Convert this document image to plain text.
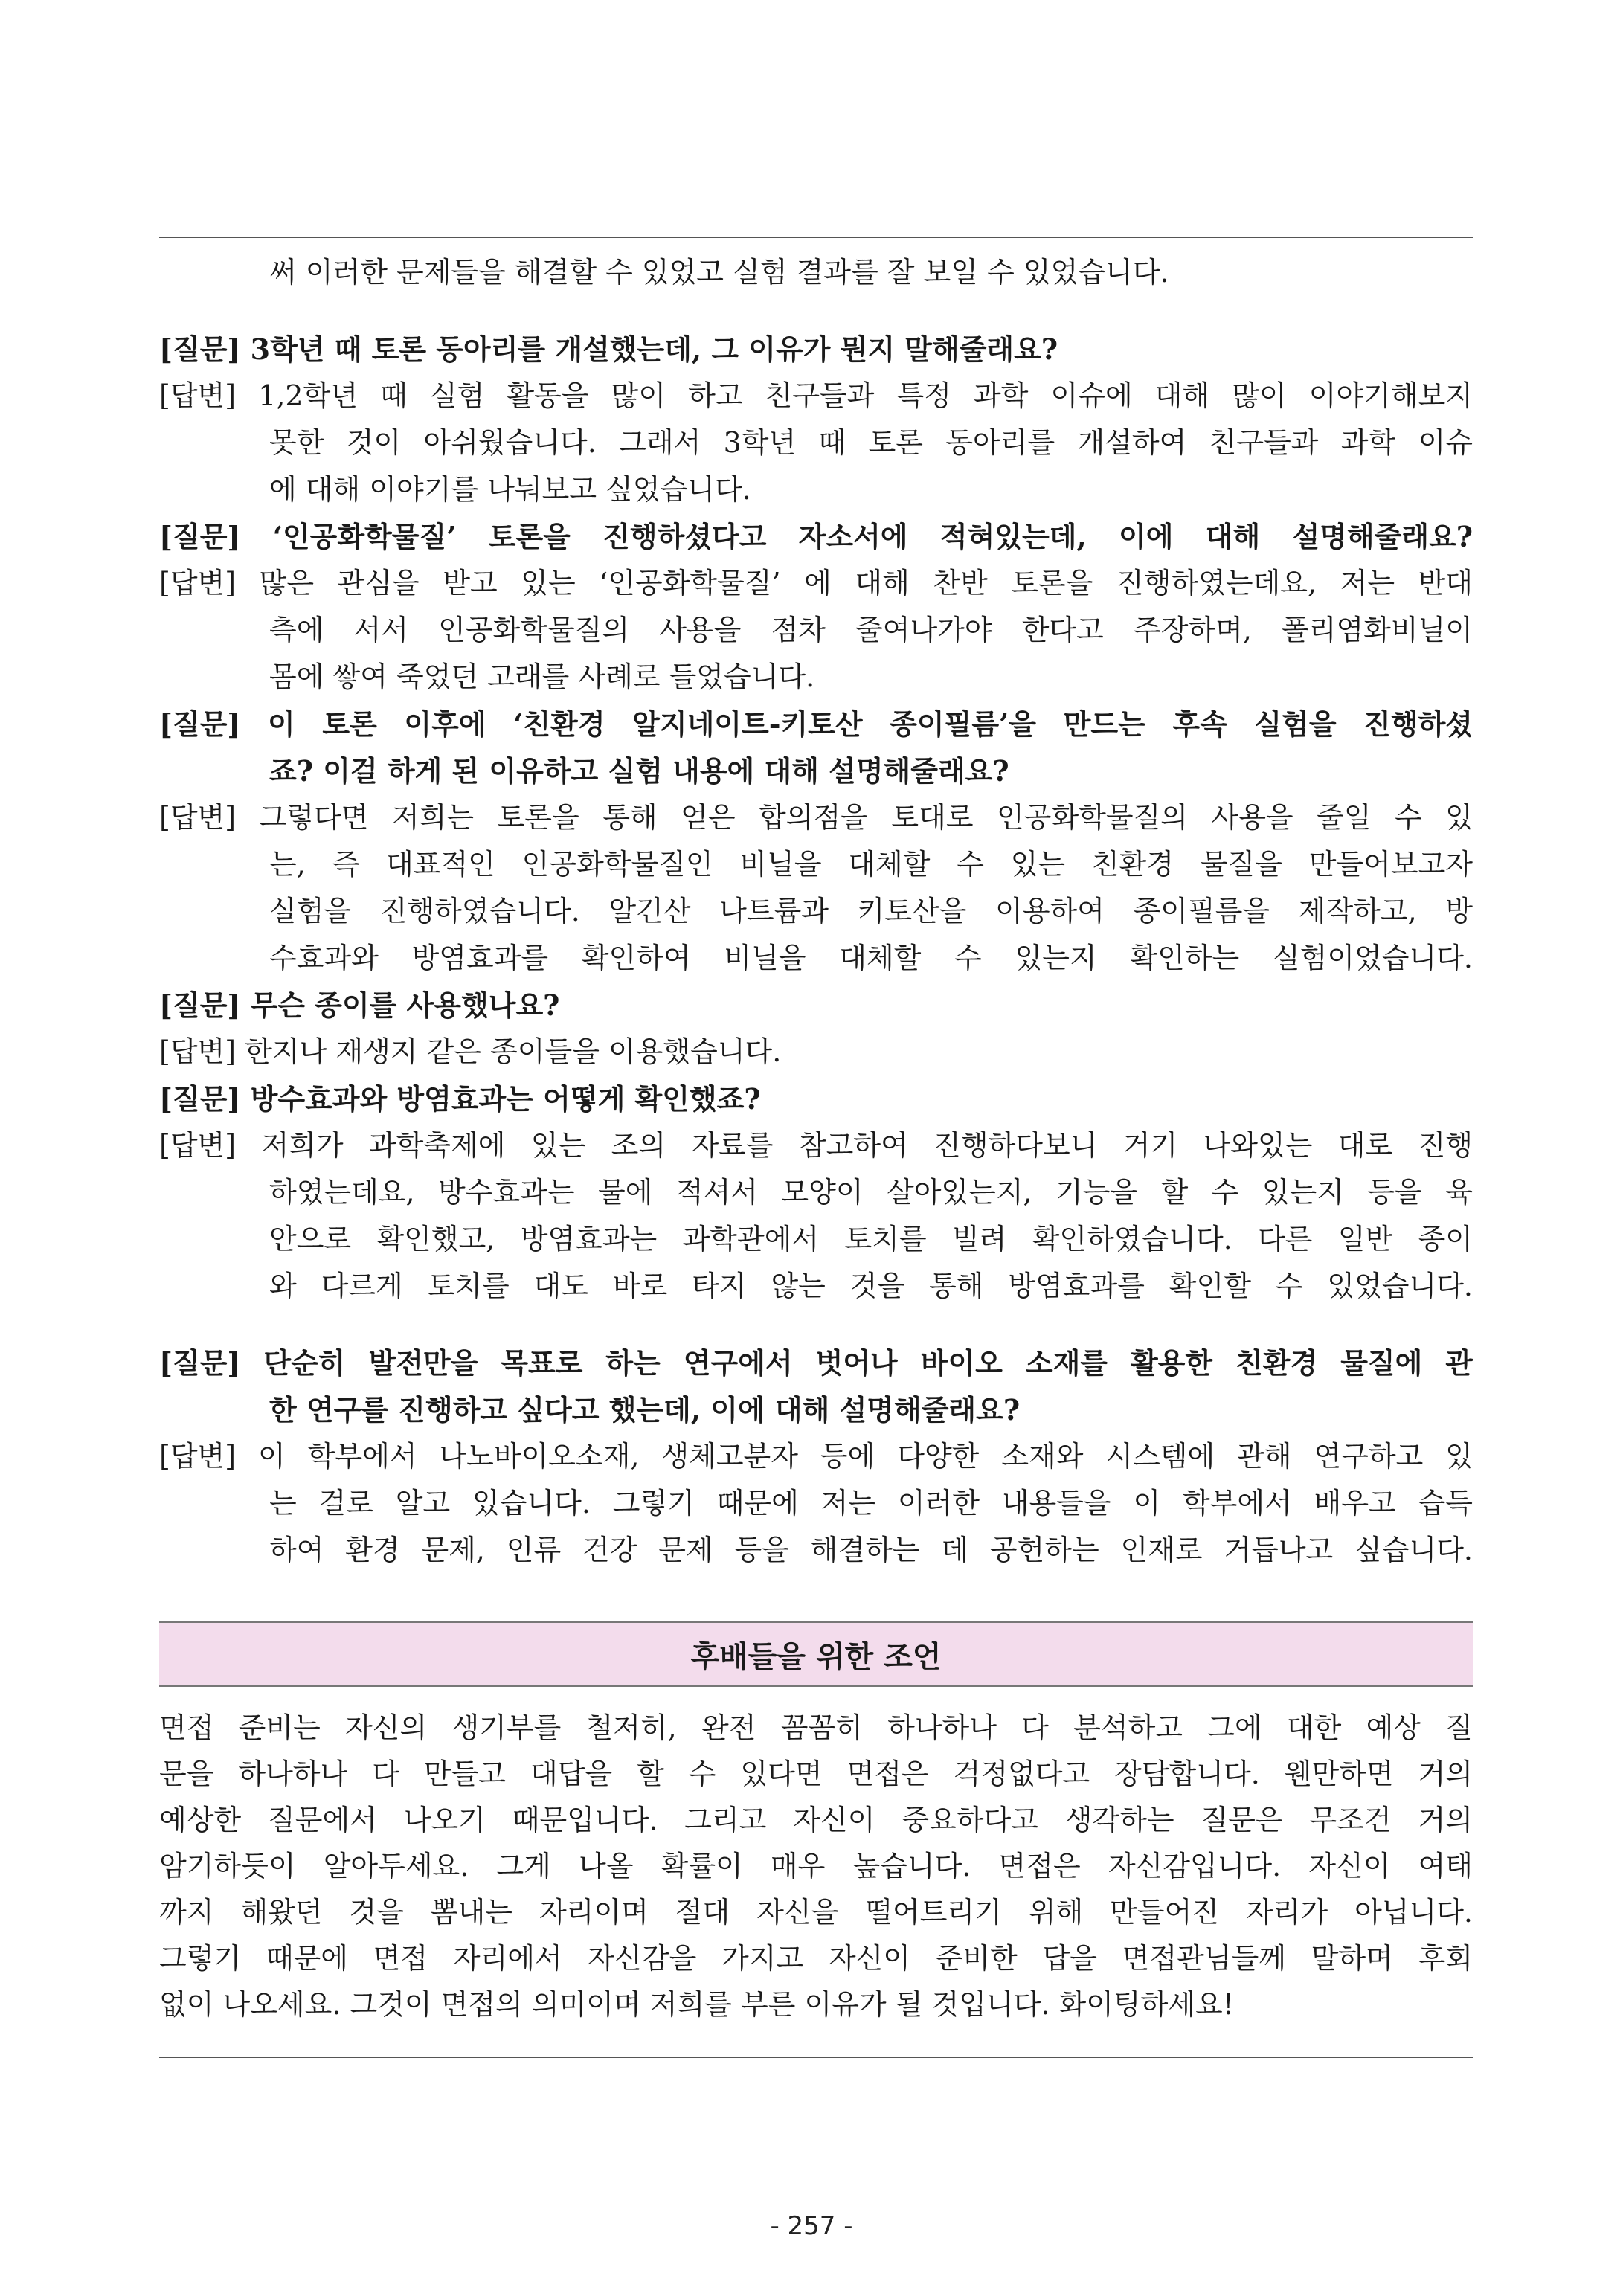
써 이러한 문제들을 해결할 수 있었고 실험 결과를 잘 보일 수 있었습니다.
[질문] 3학년 때 토론 동아리를 개설했는데, 그 이유가 뭔지 말해줄래요?
[답변] 1,2학년 때 실험 활동을 많이 하고 친구들과 특정 과학 이슈에 대해 많이 이야기해보지
못한 것이 아쉬웠습니다. 그래서 3학년 때 토론 동아리를 개설하여 친구들과 과학 이슈
에 대해 이야기를 나눠보고 싶었습니다.
[질문] ‘인공화학물질’ 토론을 진행하셨다고 자소서에 적혀있는데, 이에 대해 설명해줄래요?
[답변] 많은 관심을 받고 있는 ‘인공화학물질’ 에 대해 찬반 토론을 진행하였는데요, 저는 반대
측에 서서 인공화학물질의 사용을 점차 줄여나가야 한다고 주장하며, 폴리염화비닐이
몸에 쌓여 죽었던 고래를 사례로 들었습니다.
[질문] 이 토론 이후에 ‘친환경 알지네이트-키토산 종이필름’을 만드는 후속 실험을 진행하셨
죠? 이걸 하게 된 이유하고 실험 내용에 대해 설명해줄래요?
[답변] 그렇다면 저희는 토론을 통해 얻은 합의점을 토대로 인공화학물질의 사용을 줄일 수 있
는, 즉 대표적인 인공화학물질인 비닐을 대체할 수 있는 친환경 물질을 만들어보고자
실험을 진행하였습니다. 알긴산 나트륨과 키토산을 이용하여 종이필름을 제작하고, 방
수효과와 방염효과를 확인하여 비닐을 대체할 수 있는지 확인하는 실험이었습니다.
[질문] 무슨 종이를 사용했나요?
[답변] 한지나 재생지 같은 종이들을 이용했습니다.
[질문] 방수효과와 방염효과는 어떻게 확인했죠?
[답변] 저희가 과학축제에 있는 조의 자료를 참고하여 진행하다보니 거기 나와있는 대로 진행
하였는데요, 방수효과는 물에 적셔서 모양이 살아있는지, 기능을 할 수 있는지 등을 육
안으로 확인했고, 방염효과는 과학관에서 토치를 빌려 확인하였습니다. 다른 일반 종이
와 다르게 토치를 대도 바로 타지 않는 것을 통해 방염효과를 확인할 수 있었습니다.
[질문] 단순히 발전만을 목표로 하는 연구에서 벗어나 바이오 소재를 활용한 친환경 물질에 관
한 연구를 진행하고 싶다고 했는데, 이에 대해 설명해줄래요?
[답변] 이 학부에서 나노바이오소재, 생체고분자 등에 다양한 소재와 시스템에 관해 연구하고 있
는 걸로 알고 있습니다. 그렇기 때문에 저는 이러한 내용들을 이 학부에서 배우고 습득
하여 환경 문제, 인류 건강 문제 등을 해결하는 데 공헌하는 인재로 거듭나고 싶습니다.
후배들을 위한 조언
면접 준비는 자신의 생기부를 철저히, 완전 꼼꼼히 하나하나 다 분석하고 그에 대한 예상 질
문을 하나하나 다 만들고 대답을 할 수 있다면 면접은 걱정없다고 장담합니다. 웬만하면 거의
예상한 질문에서 나오기 때문입니다. 그리고 자신이 중요하다고 생각하는 질문은 무조건 거의
암기하듯이 알아두세요. 그게 나올 확률이 매우 높습니다. 면접은 자신감입니다. 자신이 여태
까지 해왔던 것을 뽐내는 자리이며 절대 자신을 떨어트리기 위해 만들어진 자리가 아닙니다.
그렇기 때문에 면접 자리에서 자신감을 가지고 자신이 준비한 답을 면접관님들께 말하며 후회
없이 나오세요. 그것이 면접의 의미이며 저희를 부른 이유가 될 것입니다. 화이팅하세요!
- 257 -
